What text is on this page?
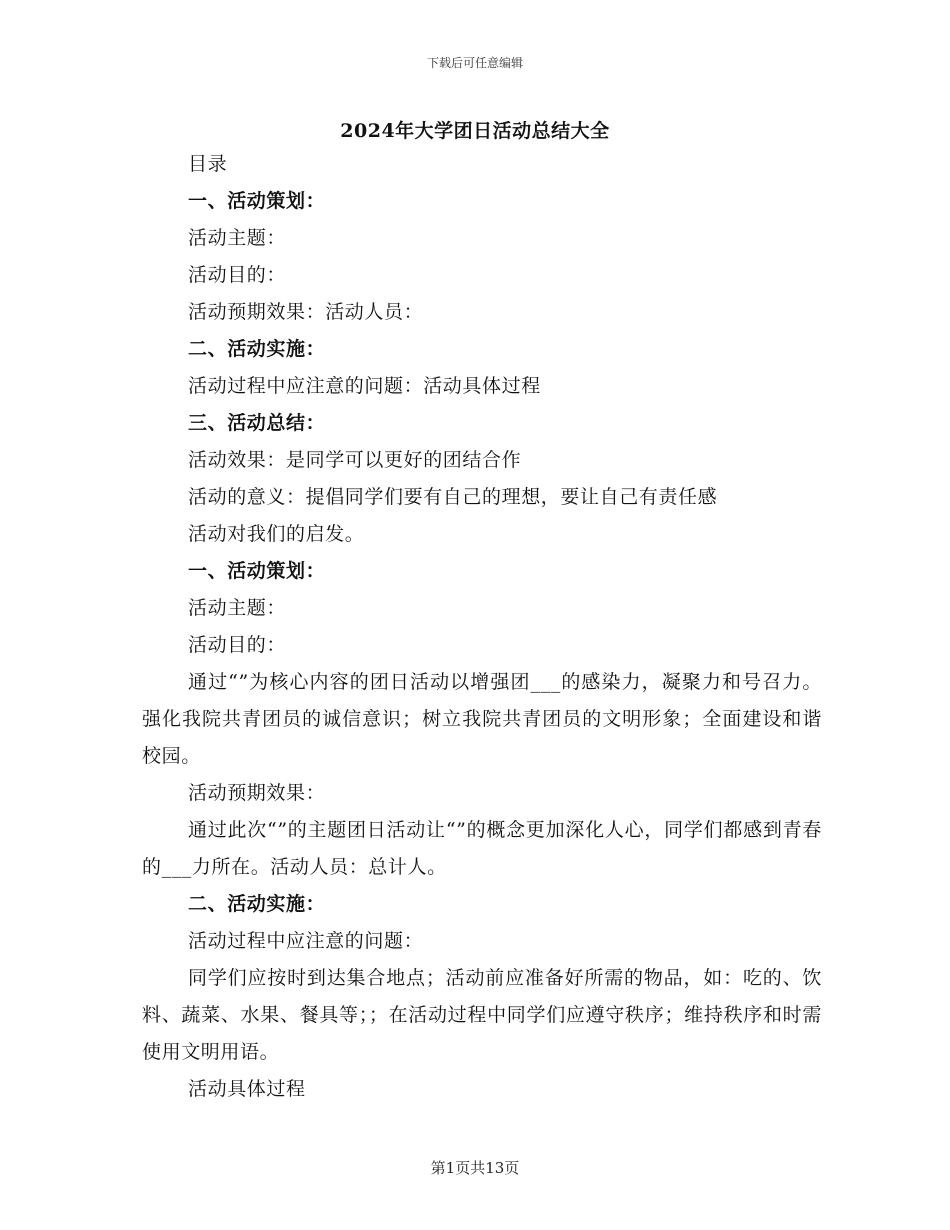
下载后可任意编辑
2024年大学团日活动总结大全
目录
一、活动策划：
活动主题：
活动目的：
活动预期效果：活动人员：
二、活动实施：
活动过程中应注意的问题：活动具体过程
三、活动总结：
活动效果：是同学可以更好的团结合作
活动的意义：提倡同学们要有自己的理想，要让自己有责任感
活动对我们的启发。
一、活动策划：
活动主题：
活动目的：
通过“”为核心内容的团日活动以增强团___的感染力，凝聚力和号召力。强化我院共青团员的诚信意识；树立我院共青团员的文明形象；全面建设和谐校园。
活动预期效果：
通过此次“”的主题团日活动让“”的概念更加深化人心，同学们都感到青春的___力所在。活动人员：总计人。
二、活动实施：
活动过程中应注意的问题：
同学们应按时到达集合地点；活动前应准备好所需的物品，如：吃的、饮料、蔬菜、水果、餐具等；；在活动过程中同学们应遵守秩序；维持秩序和时需使用文明用语。
活动具体过程
第1页共13页
